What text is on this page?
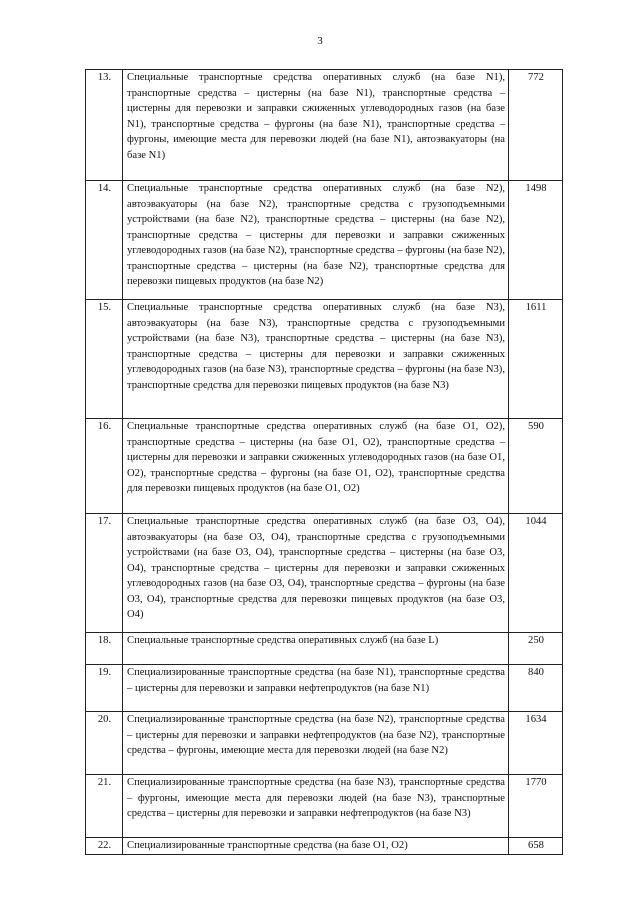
3
13.	Специальные транспортные средства оперативных служб (на базе N1), транспортные средства – цистерны (на базе N1), транспортные средства – цистерны для перевозки и заправки сжиженных углеводородных газов (на базе N1), транспортные средства – фургоны (на базе N1), транспортные средства – фургоны, имеющие места для перевозки людей (на базе N1), автоэвакуаторы (на базе N1)	772
14.	Специальные транспортные средства оперативных служб (на базе N2), автоэвакуаторы (на базе N2), транспортные средства с грузоподъемными устройствами (на базе N2), транспортные средства – цистерны (на базе N2), транспортные средства – цистерны для перевозки и заправки сжиженных углеводородных газов (на базе N2), транспортные средства – фургоны (на базе N2), транспортные средства – цистерны (на базе N2), транспортные средства для перевозки пищевых продуктов (на базе N2)	1498
15.	Специальные транспортные средства оперативных служб (на базе N3), автоэвакуаторы (на базе N3), транспортные средства с грузоподъемными устройствами (на базе N3), транспортные средства – цистерны (на базе N3), транспортные средства – цистерны для перевозки и заправки сжиженных углеводородных газов (на базе N3), транспортные средства – фургоны (на базе N3), транспортные средства для перевозки пищевых продуктов (на базе N3)	1611
16.	Специальные транспортные средства оперативных служб (на базе O1, O2), транспортные средства – цистерны (на базе O1, O2), транспортные средства – цистерны для перевозки и заправки сжиженных углеводородных газов (на базе O1, O2), транспортные средства – фургоны (на базе O1, O2), транспортные средства для перевозки пищевых продуктов (на базе O1, O2)	590
17.	Специальные транспортные средства оперативных служб (на базе O3, O4), автоэвакуаторы (на базе O3, O4), транспортные средства с грузоподъемными устройствами (на базе O3, O4), транспортные средства – цистерны (на базе O3, O4), транспортные средства – цистерны для перевозки и заправки сжиженных углеводородных газов (на базе O3, O4), транспортные средства – фургоны (на базе O3, O4), транспортные средства для перевозки пищевых продуктов (на базе O3, O4)	1044
18.	Специальные транспортные средства оперативных служб (на базе L)	250
19.	Специализированные транспортные средства (на базе N1), транспортные средства – цистерны для перевозки и заправки нефтепродуктов (на базе N1)	840
20.	Специализированные транспортные средства (на базе N2), транспортные средства – цистерны для перевозки и заправки нефтепродуктов (на базе N2), транспортные средства – фургоны, имеющие места для перевозки людей (на базе N2)	1634
21.	Специализированные транспортные средства (на базе N3), транспортные средства – фургоны, имеющие места для перевозки людей (на базе N3), транспортные средства – цистерны для перевозки и заправки нефтепродуктов (на базе N3)	1770
22.	Специализированные транспортные средства (на базе O1, O2)	658
